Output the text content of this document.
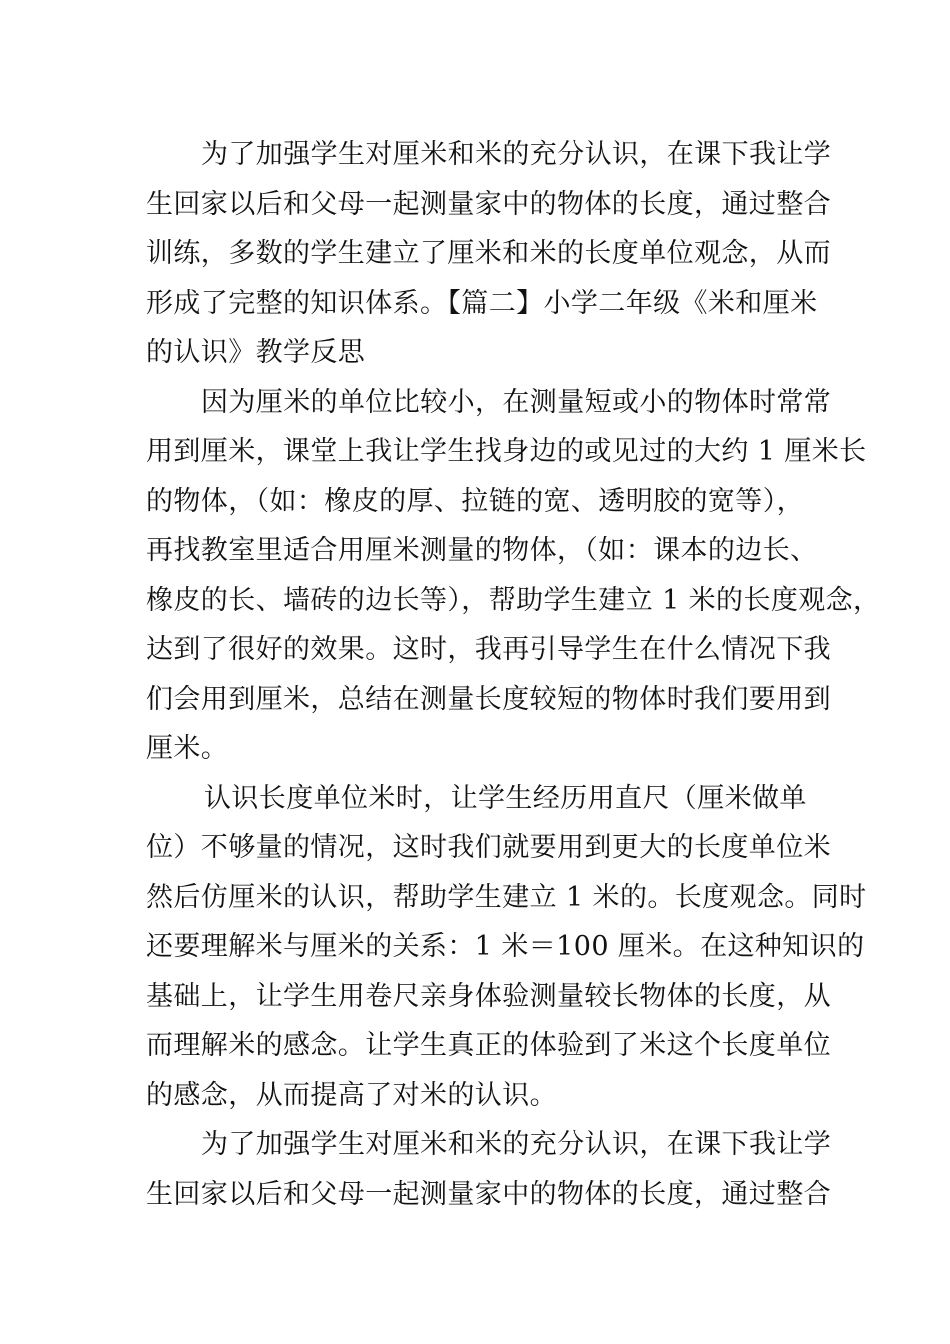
为了加强学生对厘米和米的充分认识，在课下我让学
生回家以后和父母一起测量家中的物体的长度，通过整合
训练，多数的学生建立了厘米和米的长度单位观念，从而
形成了完整的知识体系。【篇二】小学二年级《米和厘米
的认识》教学反思
因为厘米的单位比较小，在测量短或小的物体时常常
用到厘米，课堂上我让学生找身边的或见过的大约 1 厘米长
的物体，（如：橡皮的厚、拉链的宽、透明胶的宽等），
再找教室里适合用厘米测量的物体，（如：课本的边长、
橡皮的长、墙砖的边长等），帮助学生建立 1 米的长度观念，
达到了很好的效果。这时，我再引导学生在什么情况下我
们会用到厘米，总结在测量长度较短的物体时我们要用到
厘米。
认识长度单位米时，让学生经历用直尺（厘米做单
位）不够量的情况，这时我们就要用到更大的长度单位米
然后仿厘米的认识，帮助学生建立 1 米的。长度观念。同时
还要理解米与厘米的关系：1 米＝100 厘米。在这种知识的
基础上，让学生用卷尺亲身体验测量较长物体的长度，从
而理解米的感念。让学生真正的体验到了米这个长度单位
的感念，从而提高了对米的认识。
为了加强学生对厘米和米的充分认识，在课下我让学
生回家以后和父母一起测量家中的物体的长度，通过整合
